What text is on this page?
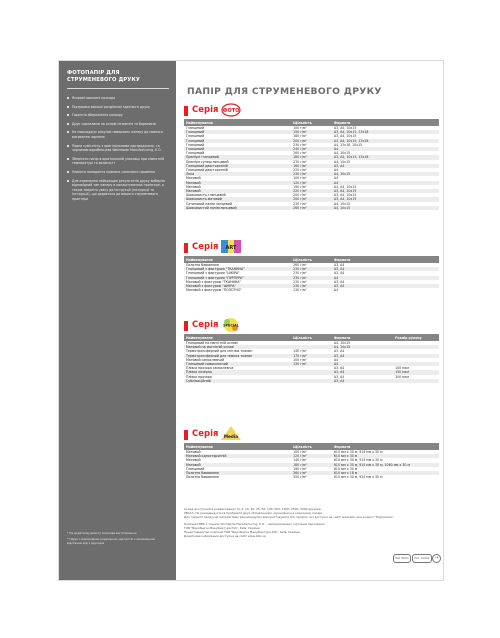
ФОТОПАПІР ДЛЯ СТРУМЕНЕВОГО ДРУКУ
Яскраві насичені кольори
Підтримка високої роздільної здатності друку
Гарантія збереження кольору
Друк чорнилами на основі пігментів та барвників
Не пошкоджує ріжучих поверхонь паперу до повного висихання чорнила
Повна сумісність з оригінальними картриджами, та чорнилом виробництва Worldwide Manufacturing, E.O.
Зберігати папір в оригінальній упаковці при кімнатній температурі та вологості
Уникати попадання прямого сонячного проміння
Для отримання найкращих результатів друку виберіть відповідний тип паперу в налаштуваннях принтера, а також зверніть увагу до інструкції (інструкції та інструкції), що додається до вашого струменевого принтера
* На додаткову вимогу можливе виготовлення
** Друк з відповідною роздільною здатністю з мінімальною відстанню від 1 друкарні
ПАПІР ДЛЯ СТРУМЕНЕВОГО ДРУКУ
Серія ФОТО
Найменування	Щільність	Формати
Глянцевий	100 г/м²	А3, А4, 10х15
Глянцевий	150 г/м²	А3, А4, 10х15, 13х18
Глянцевий	180 г/м²	А3, А4, 10х15
Глянцевий	200 г/м²	А3, А4, 10х15, 13х18
Глянцевий	230 г/м²	А4, 13х18, 10х15
Глянцевий	240 г/м²	А4
Глянцевий	260 г/м²	А4, 10х15
Преміум глянцевий	180 г/м²	А3, А4, 10х15, 13х18
Преміум суперглянцевий	230 г/м²	А4, 10х15
Глянцевий двосторонній	160 г/м²	А3, А4
Глянцевий двосторонній	220 г/м²	А4
Лиса	230 г/м²	А4, 10х15
Матовий	100 г/м²	А4
Матовий	120 г/м²	А4
Матовий	190 г/м²	А4, А4, 10х15
Матовий	220 г/м²	А3, А4, 10х15
Шовковисто-глянцевий	200 г/м²	А3, А4, 10х15
Шовковисто-матовий	200 г/м²	А3, А4, 10х15
Сатиновий напівглянцевий	230 г/м²	А4, 10х15
Шовковистий напівглянцевий	260 г/м²	А4, 10х15
Серія ART
Найменування	Щільність	Формати
Полотно бавовняне	260 г/м²	А3, А4
Глянцевий з фактурою "ТКАНИНА"	230 г/м²	А3, А4
Глянцевий з фактурою "ШКІРА"	230 г/м²	А3, А4
Глянцевий з фактурою "ПУРПУРА"	230 г/м²	А4
Матовий з фактурою "ТКАНИНА"	230 г/м²	А3, А4
Матовий з фактурою "ШКІРА"	230 г/м²	А3, А4
Матовий з фактурою "ПОЛОТНО"	230 г/м²	А4
Серія SPECIAL
Найменування	Щільність	Формати	Розмір рулону
Глянцевий на магнітній основі		А4, 10х15	
Матовий на магнітній основі		А4, 10х15	
Термотрансферний для світлих тканин	140 г/м²	А3, А4	
Термотрансферний для темних тканин	170 г/м²	А3, А4	
Матовий самоклеючий	100 г/м²	А4	
Глянцевий самоклеючий	130 г/м²	А4	
Плівка прозора самоклеюча		А3, А4	100 мкм
Плівка лазерна		А3, А4	150 мкм
Плівка прозора		А3, А4	100 мкм
Сублімаційний		А3, А4	
Серія Media
Найменування	Щільність	Формати
Матовий	100 г/м²	610 мм х 30 м, 914 мм х 30 м
Матовий односторонній	120 г/м²	610 мм х 30 м
Матовий	140 г/м²	610 мм х 30 м, 914 мм х 30 м
Матовий	180 г/м²	610 мм х 30 м, 914 мм х 30 м, 1060 мм х 30 м
Глянцевий	190 г/м²	610 мм х 30 м
Полотно бавовняне	260 г/м²	610 мм х 18 м
Полотно бавовняне	350 г/м²	610 мм х 30 м, 914 мм х 30 м
Склад доступний в розфасованих по 5, 10, 20, 25, 50, 100, 500, 1000, 2500, 5000 аркушів.
УВАГА: Не рекомендується пробувати друк обсмаленими чорнилами на клеєчному папері.
Для гарантії продукції наполегливо рекомендуємо використовувати ICC профілі, які доступні на сайті www.bbk.ua в розділі "Підтримка".
Компанія BBK є членом Worldwide Manufacturing, E.O. – авторизованим торговим партнером.
ТОВ "Виробнича Мануфактура ЮА", Київ, Україна
Представництво компанії ТОВ "Виробнича Мануфактура ЮА", Київ, Україна
Додаткова інформація доступна на сайті www.bbk.ua
ISO 9001	ISO 14001 →
